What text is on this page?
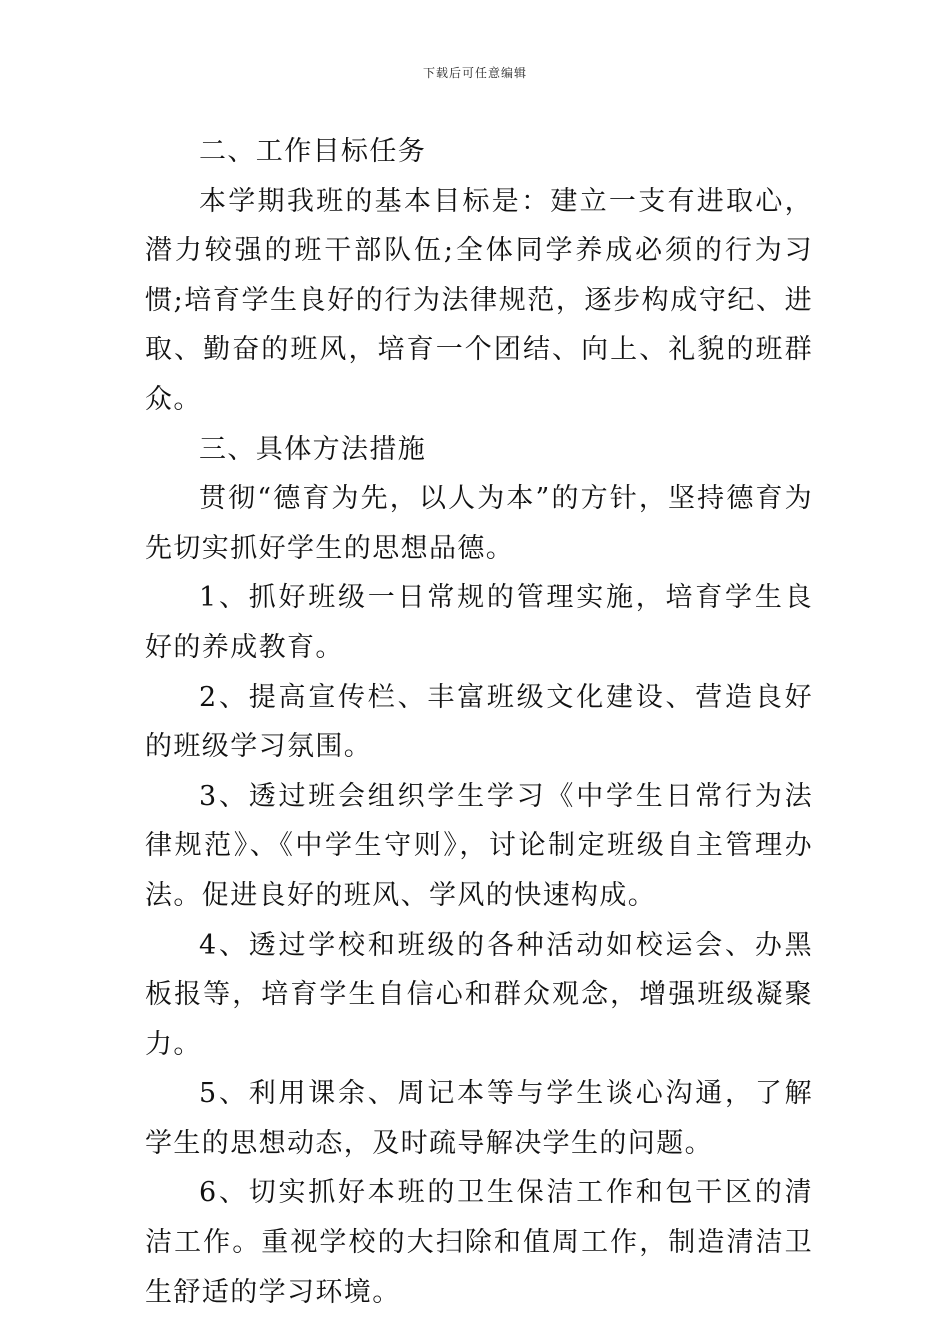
下载后可任意编辑

二、工作目标任务

本学期我班的基本目标是：建立一支有进取心，潜力较强的班干部队伍;全体同学养成必须的行为习惯;培育学生良好的行为法律规范，逐步构成守纪、进取、勤奋的班风，培育一个团结、向上、礼貌的班群众。

三、具体方法措施

贯彻“德育为先，以人为本”的方针，坚持德育为先切实抓好学生的思想品德。

1、抓好班级一日常规的管理实施，培育学生良好的养成教育。

2、提高宣传栏、丰富班级文化建设、营造良好的班级学习氛围。

3、透过班会组织学生学习《中学生日常行为法律规范》、《中学生守则》，讨论制定班级自主管理办法。促进良好的班风、学风的快速构成。

4、透过学校和班级的各种活动如校运会、办黑板报等，培育学生自信心和群众观念，增强班级凝聚力。

5、利用课余、周记本等与学生谈心沟通，了解学生的思想动态，及时疏导解决学生的问题。

6、切实抓好本班的卫生保洁工作和包干区的清洁工作。重视学校的大扫除和值周工作，制造清洁卫生舒适的学习环境。
